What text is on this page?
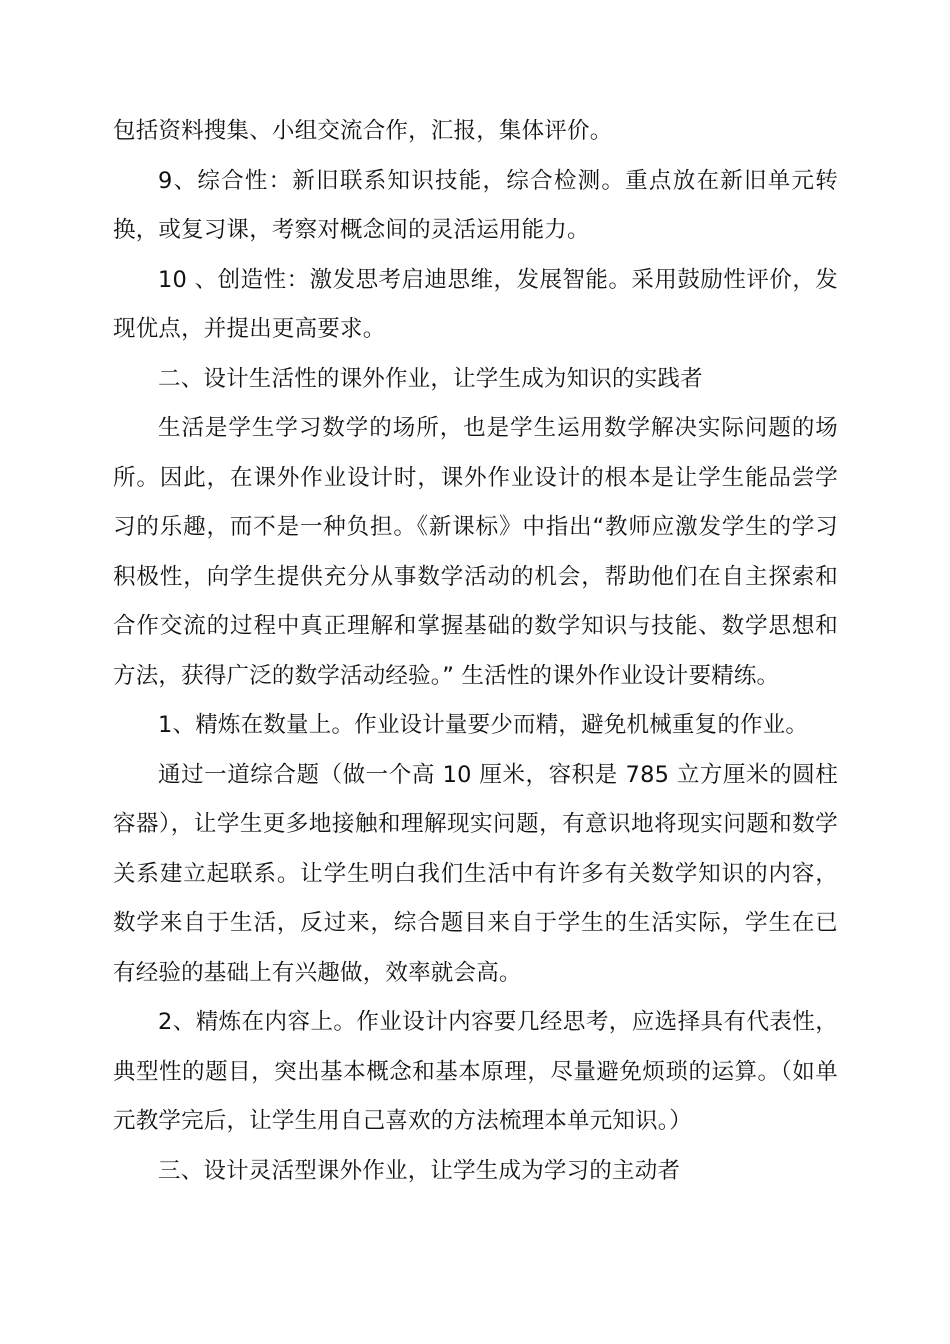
包括资料搜集、小组交流合作，汇报，集体评价。

9、综合性：新旧联系知识技能，综合检测。重点放在新旧单元转换，或复习课，考察对概念间的灵活运用能力。

10 、创造性：激发思考启迪思维，发展智能。采用鼓励性评价，发现优点，并提出更高要求。

二、设计生活性的课外作业，让学生成为知识的实践者

生活是学生学习数学的场所，也是学生运用数学解决实际问题的场所。因此，在课外作业设计时，课外作业设计的根本是让学生能品尝学习的乐趣，而不是一种负担。《新课标》中指出“教师应激发学生的学习积极性，向学生提供充分从事数学活动的机会，帮助他们在自主探索和合作交流的过程中真正理解和掌握基础的数学知识与技能、数学思想和方法，获得广泛的数学活动经验。” 生活性的课外作业设计要精练。

1、精炼在数量上。作业设计量要少而精，避免机械重复的作业。

通过一道综合题（做一个高 10 厘米，容积是 785 立方厘米的圆柱容器），让学生更多地接触和理解现实问题，有意识地将现实问题和数学关系建立起联系。让学生明白我们生活中有许多有关数学知识的内容，数学来自于生活，反过来，综合题目来自于学生的生活实际，学生在已有经验的基础上有兴趣做，效率就会高。

2、精炼在内容上。作业设计内容要几经思考，应选择具有代表性，典型性的题目，突出基本概念和基本原理，尽量避免烦琐的运算。（如单元教学完后，让学生用自己喜欢的方法梳理本单元知识。）

三、设计灵活型课外作业，让学生成为学习的主动者
